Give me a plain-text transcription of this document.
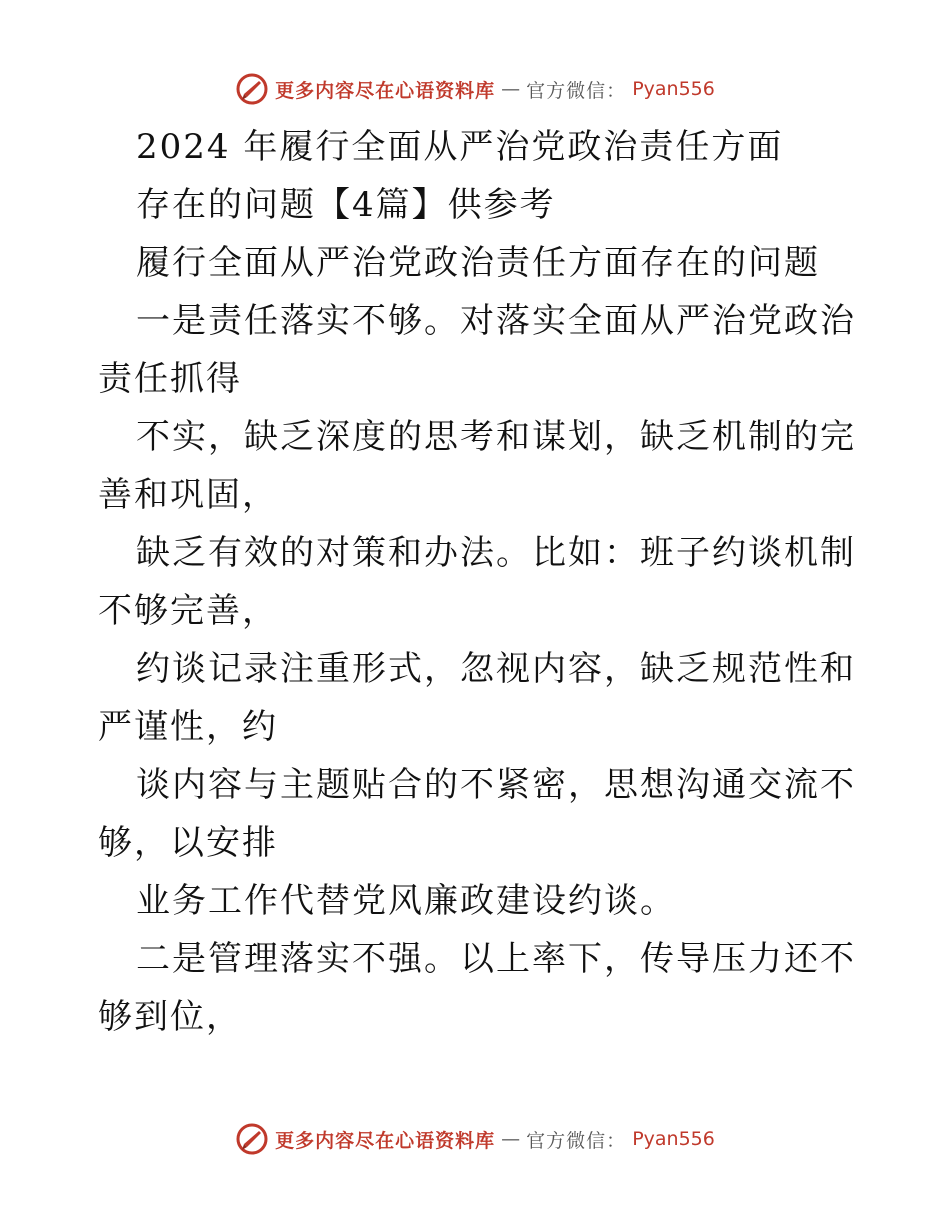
更多内容尽在心语资料库 — 官方微信： Pyan556

2024 年履行全面从严治党政治责任方面

存在的问题【4篇】供参考

履行全面从严治党政治责任方面存在的问题

一是责任落实不够。对落实全面从严治党政治责任抓得

不实，缺乏深度的思考和谋划，缺乏机制的完善和巩固，

缺乏有效的对策和办法。比如：班子约谈机制不够完善，

约谈记录注重形式，忽视内容，缺乏规范性和严谨性，约

谈内容与主题贴合的不紧密，思想沟通交流不够，以安排

业务工作代替党风廉政建设约谈。

二是管理落实不强。以上率下，传导压力还不够到位，

更多内容尽在心语资料库 — 官方微信： Pyan556
